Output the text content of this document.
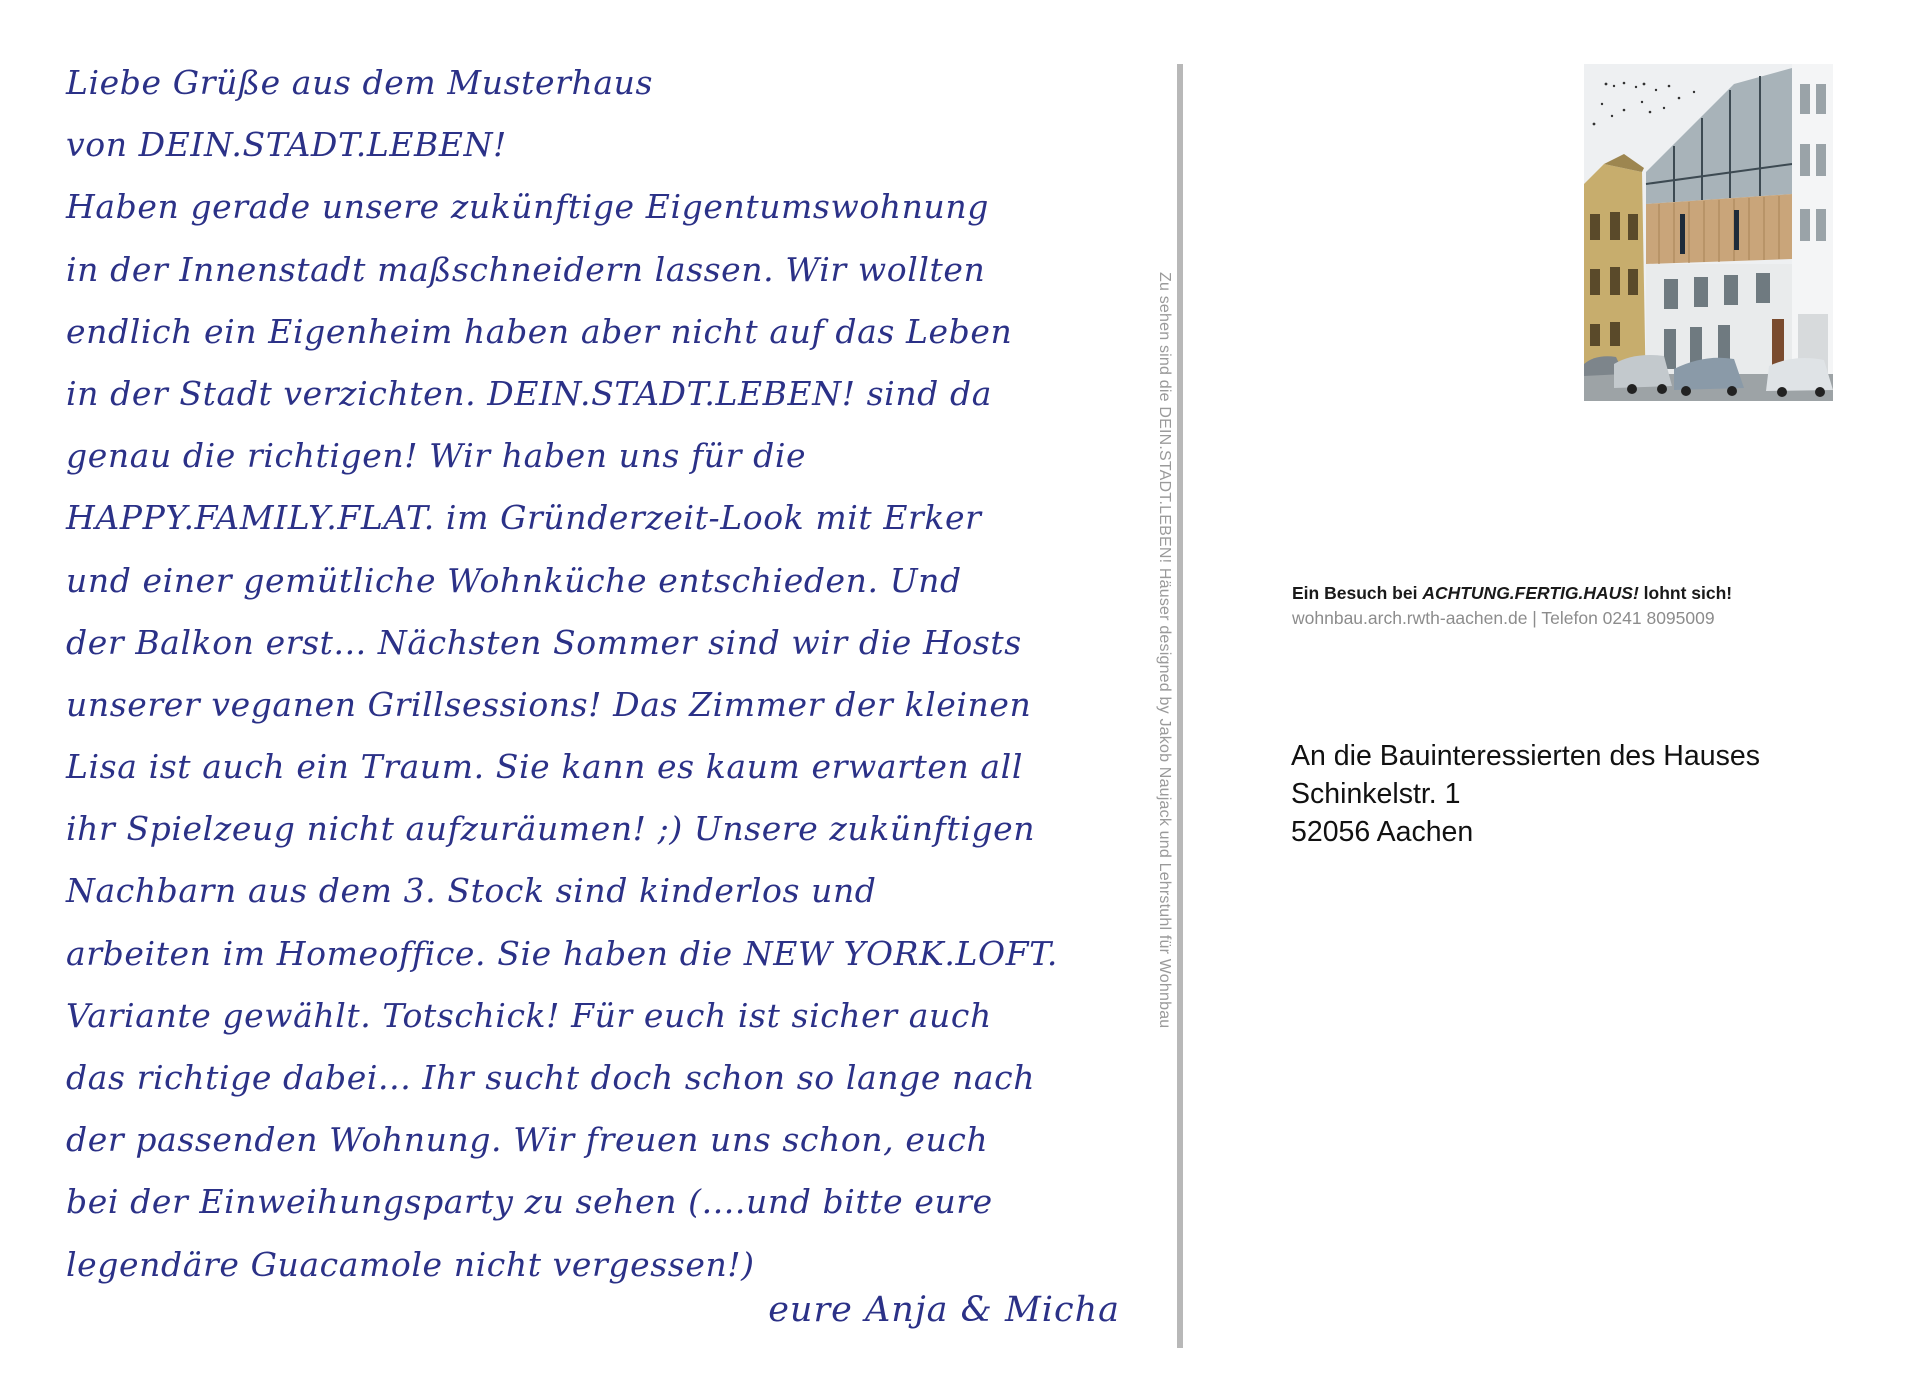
Liebe Grüße aus dem Musterhaus
von DEIN.STADT.LEBEN!
Haben gerade unsere zukünftige Eigentumswohnung
in der Innenstadt maßschneidern lassen. Wir wollten
endlich ein Eigenheim haben aber nicht auf das Leben
in der Stadt verzichten. DEIN.STADT.LEBEN! sind da
genau die richtigen! Wir haben uns für die
HAPPY.FAMILY.FLAT. im Gründerzeit-Look mit Erker
und einer gemütliche Wohnküche entschieden. Und
der Balkon erst... Nächsten Sommer sind wir die Hosts
unserer veganen Grillsessions! Das Zimmer der kleinen
Lisa ist auch ein Traum. Sie kann es kaum erwarten all
ihr Spielzeug nicht aufzuräumen! ;) Unsere zukünftigen
Nachbarn aus dem 3. Stock sind kinderlos und
arbeiten im Homeoffice. Sie haben die NEW YORK.LOFT.
Variante gewählt. Totschick! Für euch ist sicher auch
das richtige dabei... Ihr sucht doch schon so lange nach
der passenden Wohnung. Wir freuen uns schon, euch
bei der Einweihungsparty zu sehen (....und bitte eure
legendäre Guacamole nicht vergessen!)
eure Anja & Micha
Zu sehen sind die DEIN.STADT.LEBEN! Häuser designed by Jakob Naujack und Lehrstuhl für Wohnbau	Ein Besuch bei ACHTUNG.FERTIG.HAUS! lohnt sich!
wohnbau.arch.rwth-aachen.de | Telefon 0241 8095009
An die Bauinteressierten des Hauses
Schinkelstr. 1
52056 Aachen
